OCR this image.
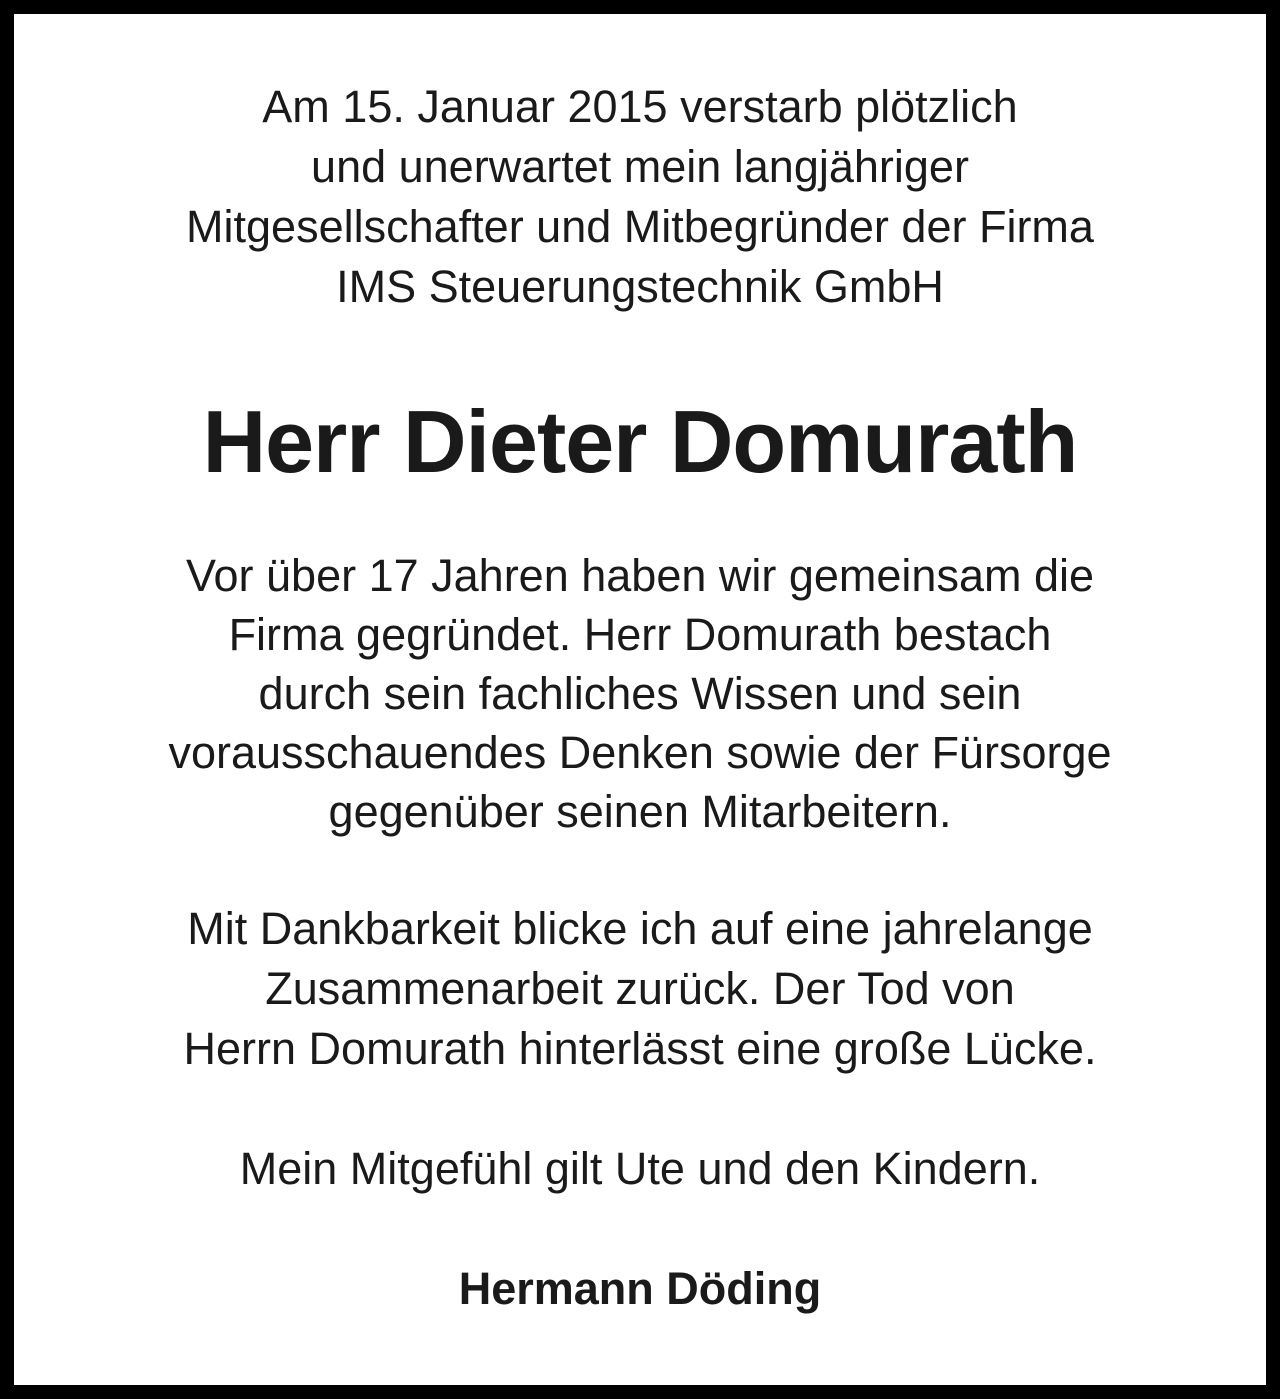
Am 15. Januar 2015 verstarb plötzlich
und unerwartet mein langjähriger
Mitgesellschafter und Mitbegründer der Firma
IMS Steuerungstechnik GmbH
Herr Dieter Domurath
Vor über 17 Jahren haben wir gemeinsam die
Firma gegründet. Herr Domurath bestach
durch sein fachliches Wissen und sein
vorausschauendes Denken sowie der Fürsorge
gegenüber seinen Mitarbeitern.
Mit Dankbarkeit blicke ich auf eine jahrelange
Zusammenarbeit zurück. Der Tod von
Herrn Domurath hinterlässt eine große Lücke.
Mein Mitgefühl gilt Ute und den Kindern.
Hermann Döding
